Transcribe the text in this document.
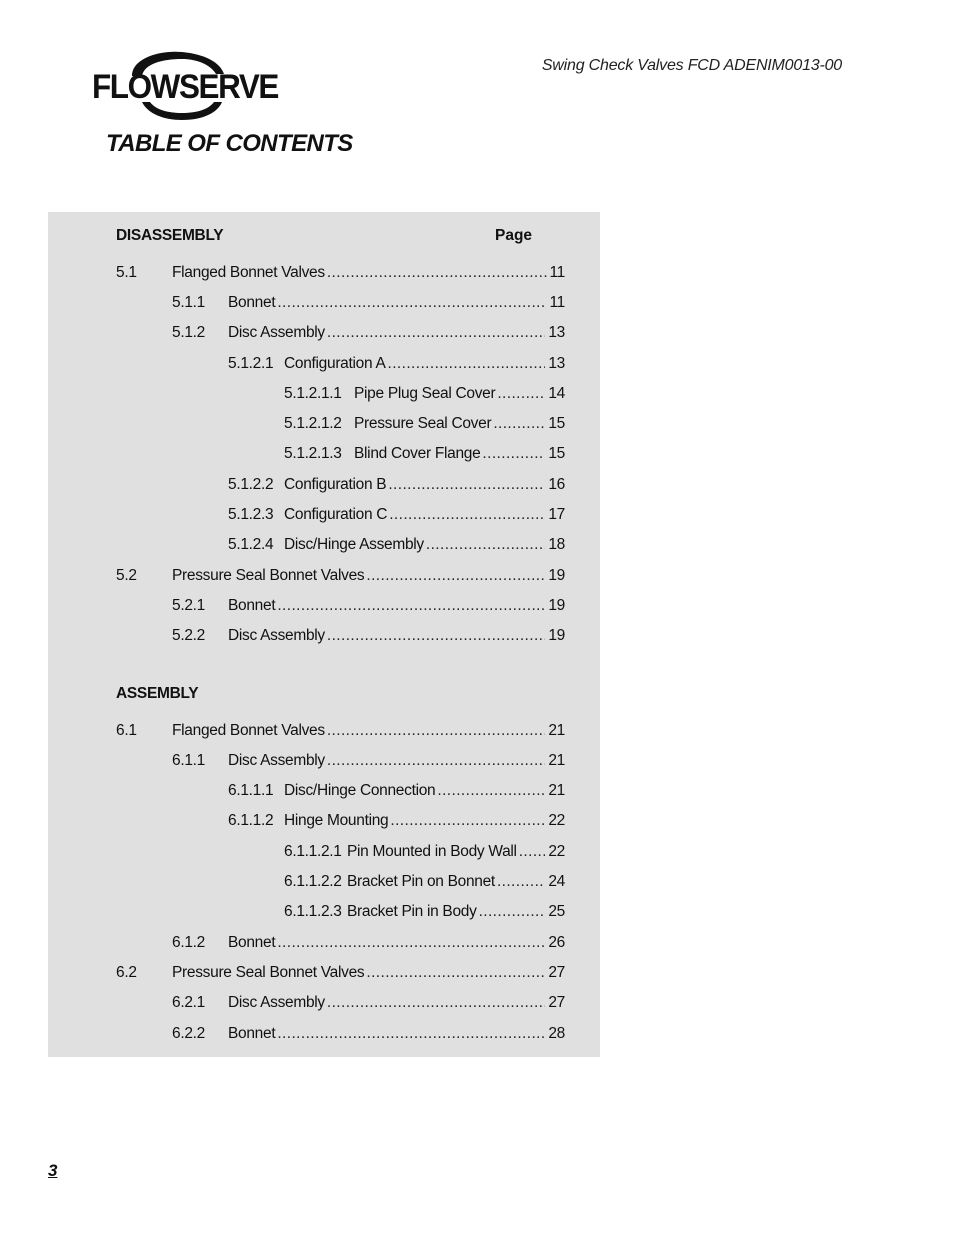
Swing Check Valves FCD ADENIM0013-00
FLOWSERVE
TABLE OF CONTENTS
DISASSEMBLY	Page
ASSEMBLY
5.1 Flanged Bonnet Valves .....	11
5.1.1 Bonnet .....	11
5.1.2 Disc Assembly .....	13
5.1.2.1 Configuration A .....	13
5.1.2.1.1 Pipe Plug Seal Cover .....	14
5.1.2.1.2 Pressure Seal Cover .....	15
5.1.2.1.3 Blind Cover Flange .....	15
5.1.2.2 Configuration B .....	16
5.1.2.3 Configuration C .....	17
5.1.2.4 Disc/Hinge Assembly .....	18
5.2 Pressure Seal Bonnet Valves .....	19
5.2.1 Bonnet .....	19
5.2.2 Disc Assembly .....	19
6.1 Flanged Bonnet Valves .....	21
6.1.1 Disc Assembly .....	21
6.1.1.1 Disc/Hinge Connection .....	21
6.1.1.2 Hinge Mounting .....	22
6.1.1.2.1 Pin Mounted in Body Wall ..... 22
6.1.1.2.2 Bracket Pin on Bonnet .....	24
6.1.1.2.3 Bracket Pin in Body .....	25
6.1.2 Bonnet .....	26
6.2 Pressure Seal Bonnet Valves .....	27
6.2.1 Disc Assembly .....	27
6.2.2 Bonnet .....	28
3
